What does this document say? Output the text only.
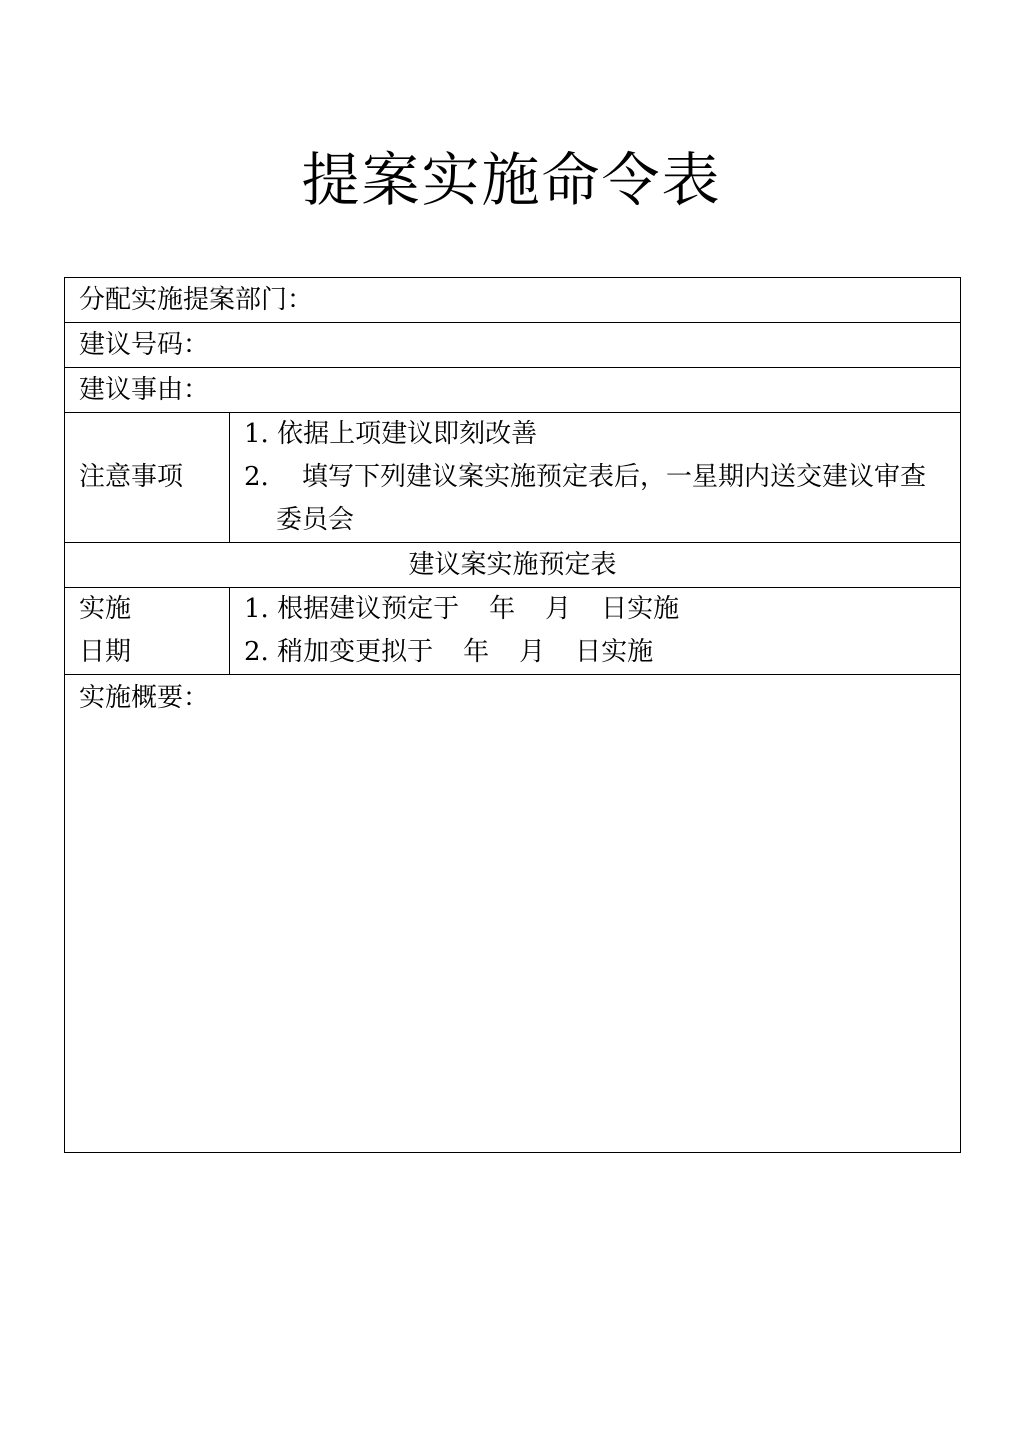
提案实施命令表
分配实施提案部门：	
建议号码：	
建议事由：	
注意事项	1. 依据上项建议即刻改善
2. 填写下列建议案实施预定表后，一星期内送交建议审查委员会

建议案实施预定表	

实施
日期	1. 根据建议预定于 年 月 日实施
2. 稍加变更拟于 年 月 日实施

实施概要：	
